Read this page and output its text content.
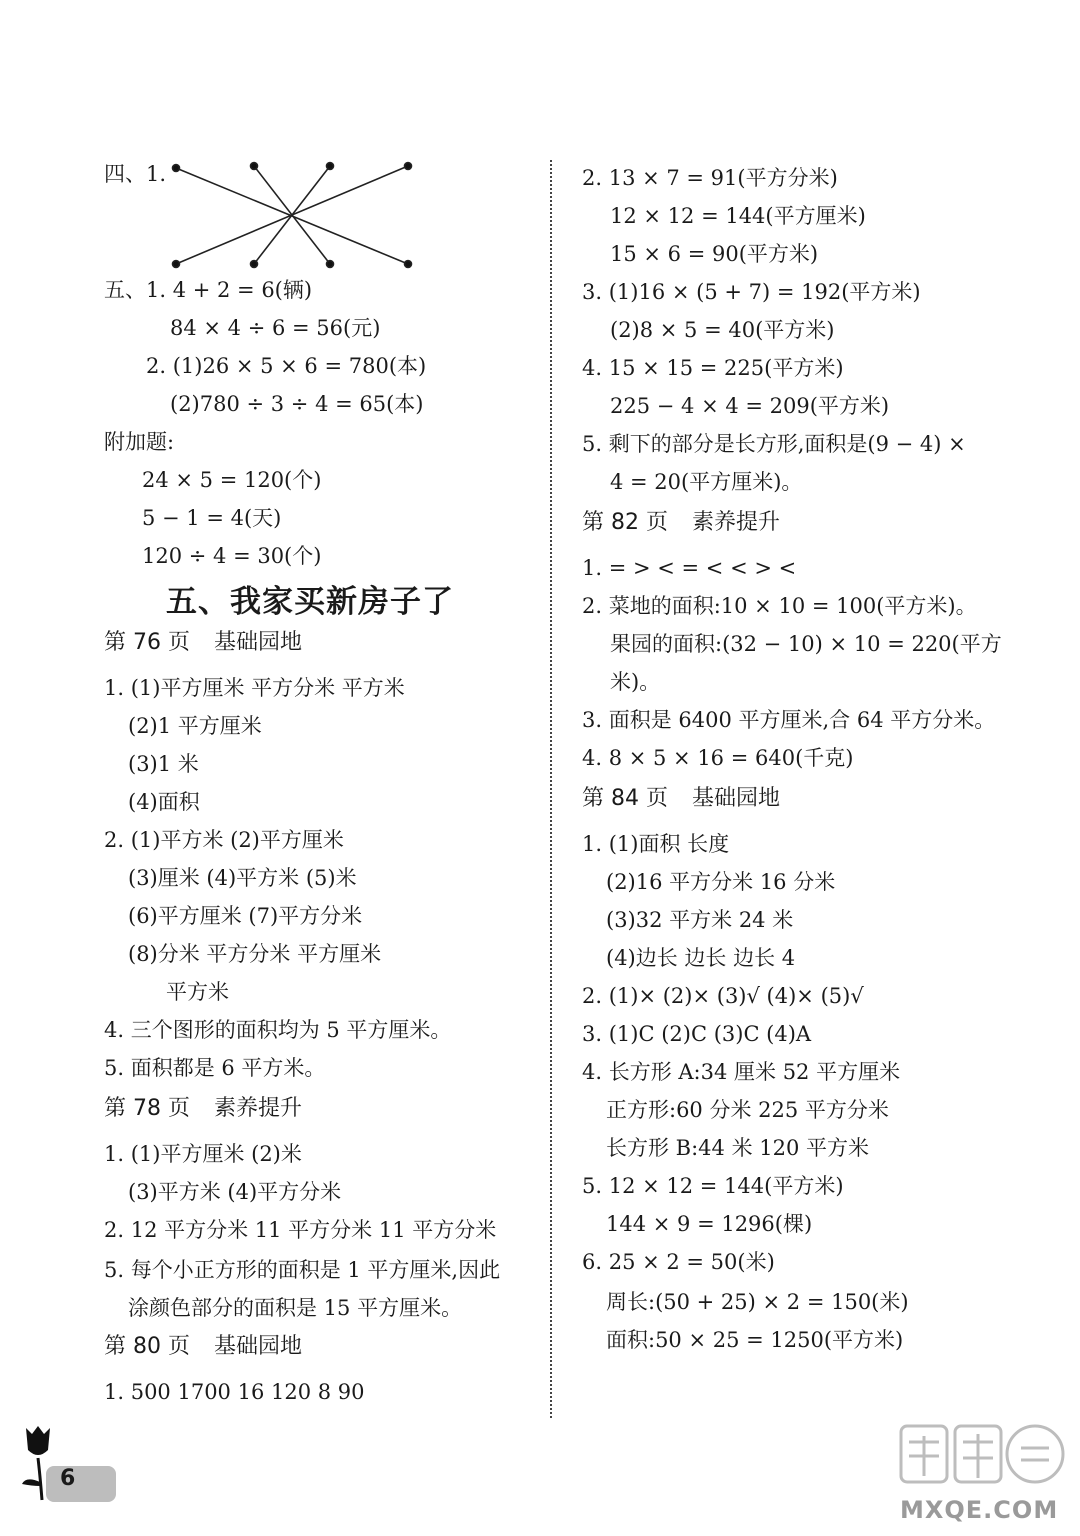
四、1.
五、1. 4 + 2 = 6(辆)
84 × 4 ÷ 6 = 56(元)
2. (1)26 × 5 × 6 = 780(本)
(2)780 ÷ 3 ÷ 4 = 65(本)
附加题:
24 × 5 = 120(个)
5 − 1 = 4(天)
120 ÷ 4 = 30(个)
五、我家买新房子了
第 76 页 基础园地
1. (1)平方厘米 平方分米 平方米
(2)1 平方厘米
(3)1 米
(4)面积
2. (1)平方米 (2)平方厘米
(3)厘米 (4)平方米 (5)米
(6)平方厘米 (7)平方分米
(8)分米 平方分米 平方厘米
平方米
4. 三个图形的面积均为 5 平方厘米。
5. 面积都是 6 平方米。
第 78 页 素养提升
1. (1)平方厘米 (2)米
(3)平方米 (4)平方分米
2. 12 平方分米 11 平方分米 11 平方分米
5. 每个小正方形的面积是 1 平方厘米,因此
涂颜色部分的面积是 15 平方厘米。
第 80 页 基础园地
1. 500 1700 16 120 8 90
2. 13 × 7 = 91(平方分米)
12 × 12 = 144(平方厘米)
15 × 6 = 90(平方米)
3. (1)16 × (5 + 7) = 192(平方米)
(2)8 × 5 = 40(平方米)
4. 15 × 15 = 225(平方米)
225 − 4 × 4 = 209(平方米)
5. 剩下的部分是长方形,面积是(9 − 4) ×
4 = 20(平方厘米)。
第 82 页 素养提升
1. = > < = < < > <
2. 菜地的面积:10 × 10 = 100(平方米)。
果园的面积:(32 − 10) × 10 = 220(平方
米)。
3. 面积是 6400 平方厘米,合 64 平方分米。
4. 8 × 5 × 16 = 640(千克)
第 84 页 基础园地
1. (1)面积 长度
(2)16 平方分米 16 分米
(3)32 平方米 24 米
(4)边长 边长 边长 4
2. (1)× (2)× (3)√ (4)× (5)√
3. (1)C (2)C (3)C (4)A
4. 长方形 A:34 厘米 52 平方厘米
正方形:60 分米 225 平方分米
长方形 B:44 米 120 平方米
5. 12 × 12 = 144(平方米)
144 × 9 = 1296(棵)
6. 25 × 2 = 50(米)
周长:(50 + 25) × 2 = 150(米)
面积:50 × 25 = 1250(平方米)
6
MXQE.COM
